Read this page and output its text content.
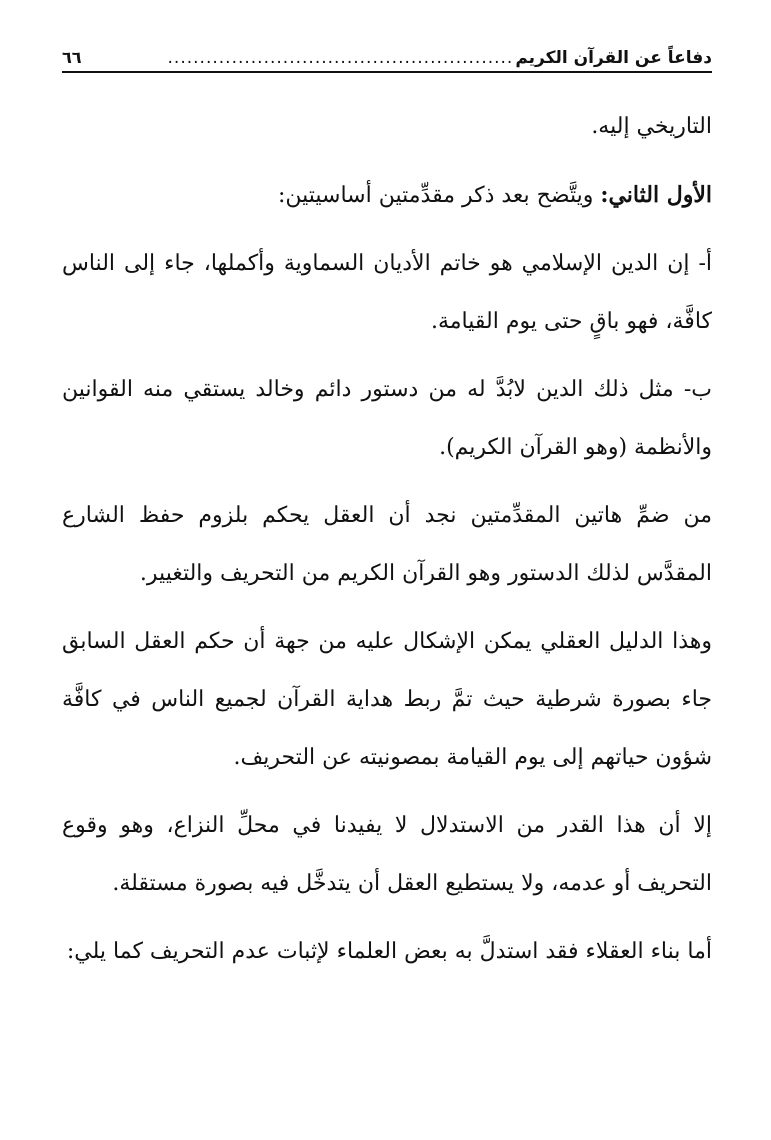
دفاعاً عن القرآن الكريم
......................................................
٦٦

التاريخي إليه.

الأول الثاني: ويتَّضح بعد ذكر مقدِّمتين أساسيتين:

أ- إن الدين الإسلامي هو خاتم الأديان السماوية وأكملها، جاء إلى الناس كافَّة، فهو باقٍ حتى يوم القيامة.

ب- مثل ذلك الدين لابُدَّ له من دستور دائم وخالد يستقي منه القوانين والأنظمة (وهو القرآن الكريم).

من ضمِّ هاتين المقدِّمتين نجد أن العقل يحكم بلزوم حفظ الشارع المقدَّس لذلك الدستور وهو القرآن الكريم من التحريف والتغيير.

وهذا الدليل العقلي يمكن الإشكال عليه من جهة أن حكم العقل السابق جاء بصورة شرطية حيث تمَّ ربط هداية القرآن لجميع الناس في كافَّة شؤون حياتهم إلى يوم القيامة بمصونيته عن التحريف.

إلا أن هذا القدر من الاستدلال لا يفيدنا في محلِّ النزاع، وهو وقوع التحريف أو عدمه، ولا يستطيع العقل أن يتدخَّل فيه بصورة مستقلة.

أما بناء العقلاء فقد استدلَّ به بعض العلماء لإثبات عدم التحريف كما يلي:
